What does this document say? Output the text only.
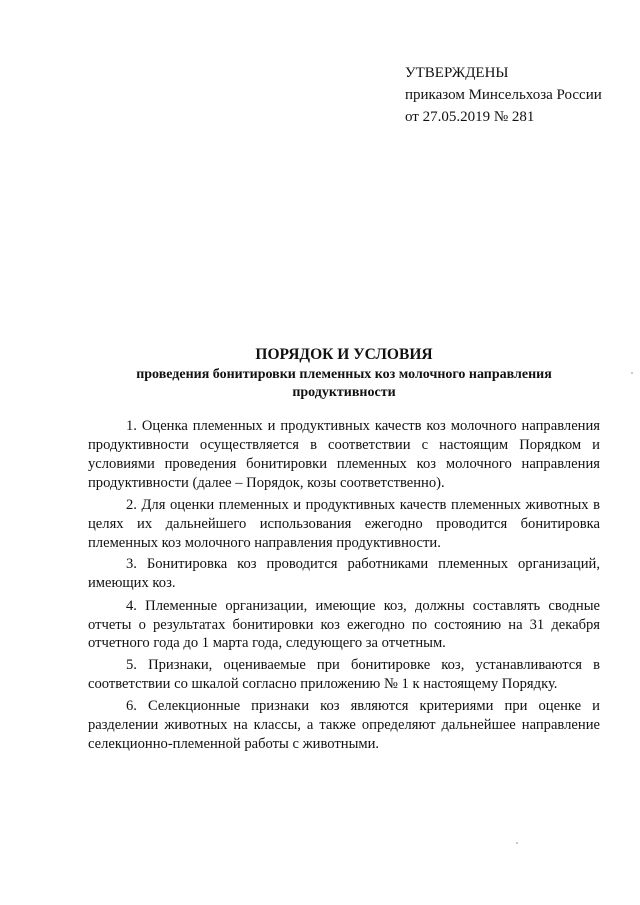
УТВЕРЖДЕНЫ
приказом Минсельхоза России
от 27.05.2019 № 281
ПОРЯДОК И УСЛОВИЯ
проведения бонитировки племенных коз молочного направления
продуктивности

1. Оценка племенных и продуктивных качеств коз молочного направления продуктивности осуществляется в соответствии с настоящим Порядком и условиями проведения бонитировки племенных коз молочного направления продуктивности (далее – Порядок, козы соответственно).

2. Для оценки племенных и продуктивных качеств племенных животных в целях их дальнейшего использования ежегодно проводится бонитировка племенных коз молочного направления продуктивности.

3. Бонитировка коз проводится работниками племенных организаций, имеющих коз.

4. Племенные организации, имеющие коз, должны составлять сводные отчеты о результатах бонитировки коз ежегодно по состоянию на 31 декабря отчетного года до 1 марта года, следующего за отчетным.

5. Признаки, оцениваемые при бонитировке коз, устанавливаются в соответствии со шкалой согласно приложению № 1 к настоящему Порядку.

6. Селекционные признаки коз являются критериями при оценке и разделении животных на классы, а также определяют дальнейшее направление селекционно-племенной работы с животными.
